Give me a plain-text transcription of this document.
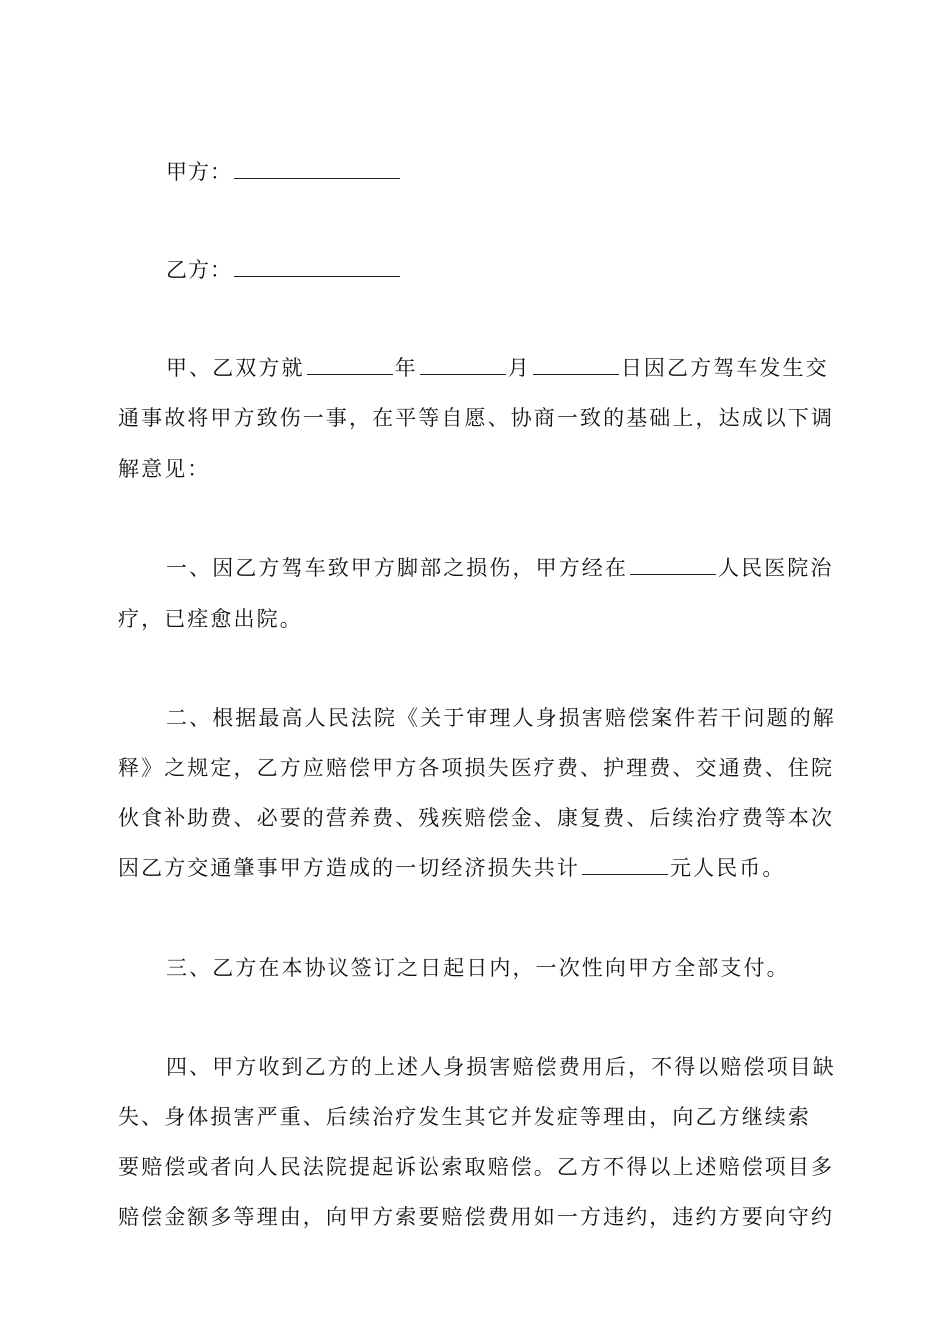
甲方：
乙方：
甲、乙双方就	年	月	日因乙方驾车发生交
通事故将甲方致伤一事，在平等自愿、协商一致的基础上，达成以下调
解意见：
一、因乙方驾车致甲方脚部之损伤，甲方经在	人民医院治
疗，已痊愈出院。
二、根据最高人民法院《关于审理人身损害赔偿案件若干问题的解
释》之规定，乙方应赔偿甲方各项损失医疗费、护理费、交通费、住院
伙食补助费、必要的营养费、残疾赔偿金、康复费、后续治疗费等本次
因乙方交通肇事甲方造成的一切经济损失共计	元人民币。
三、乙方在本协议签订之日起日内，一次性向甲方全部支付。
四、甲方收到乙方的上述人身损害赔偿费用后，不得以赔偿项目缺
失、身体损害严重、后续治疗发生其它并发症等理由，向乙方继续索
要赔偿或者向人民法院提起诉讼索取赔偿。乙方不得以上述赔偿项目多
赔偿金额多等理由，向甲方索要赔偿费用如一方违约，违约方要向守约
